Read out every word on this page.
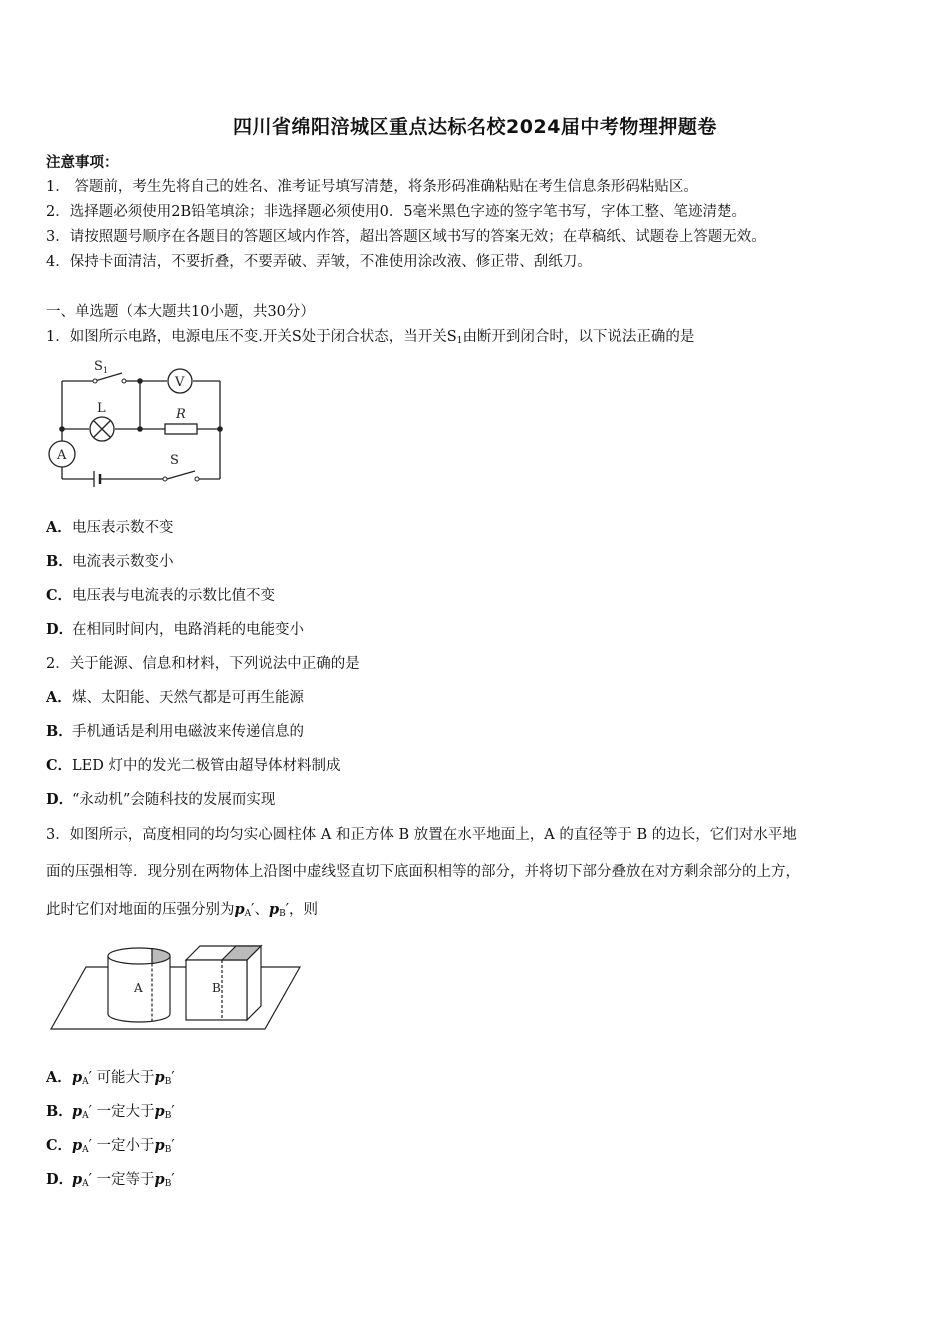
四川省绵阳涪城区重点达标名校2024届中考物理押题卷
注意事项：
1． 答题前，考生先将自己的姓名、准考证号填写清楚，将条形码准确粘贴在考生信息条形码粘贴区。
2．选择题必须使用2B铅笔填涂；非选择题必须使用0．5毫米黑色字迹的签字笔书写，字体工整、笔迹清楚。
3．请按照题号顺序在各题目的答题区域内作答，超出答题区域书写的答案无效；在草稿纸、试题卷上答题无效。
4．保持卡面清洁，不要折叠，不要弄破、弄皱，不准使用涂改液、修正带、刮纸刀。
一、单选题（本大题共10小题，共30分）
1．如图所示电路，电源电压不变.开关S处于闭合状态，当开关$S_1$由断开到闭合时，以下说法正确的是
S 1
V
L	R
A	S
A．电压表示数不变
B．电流表示数变小
C．电压表与电流表的示数比值不变
D．在相同时间内，电路消耗的电能变小
2．关于能源、信息和材料，下列说法中正确的是
A．煤、太阳能、天然气都是可再生能源
B．手机通话是利用电磁波来传递信息的
C．LED 灯中的发光二极管由超导体材料制成
D．“永动机”会随科技的发展而实现
3．如图所示，高度相同的均匀实心圆柱体 A 和正方体 B 放置在水平地面上，A 的直径等于 B 的边长，它们对水平地
面的压强相等．现分别在两物体上沿图中虚线竖直切下底面积相等的部分，并将切下部分叠放在对方剩余部分的上方，
此时它们对地面的压强分别为$p_A'$、$p_B'$，则
A	B
A．$p_A'$ 可能大于$p_B'$
B．$p_A'$ 一定大于$p_B'$
C．$p_A'$ 一定小于$p_B'$
D．$p_A'$ 一定等于$p_B'$
